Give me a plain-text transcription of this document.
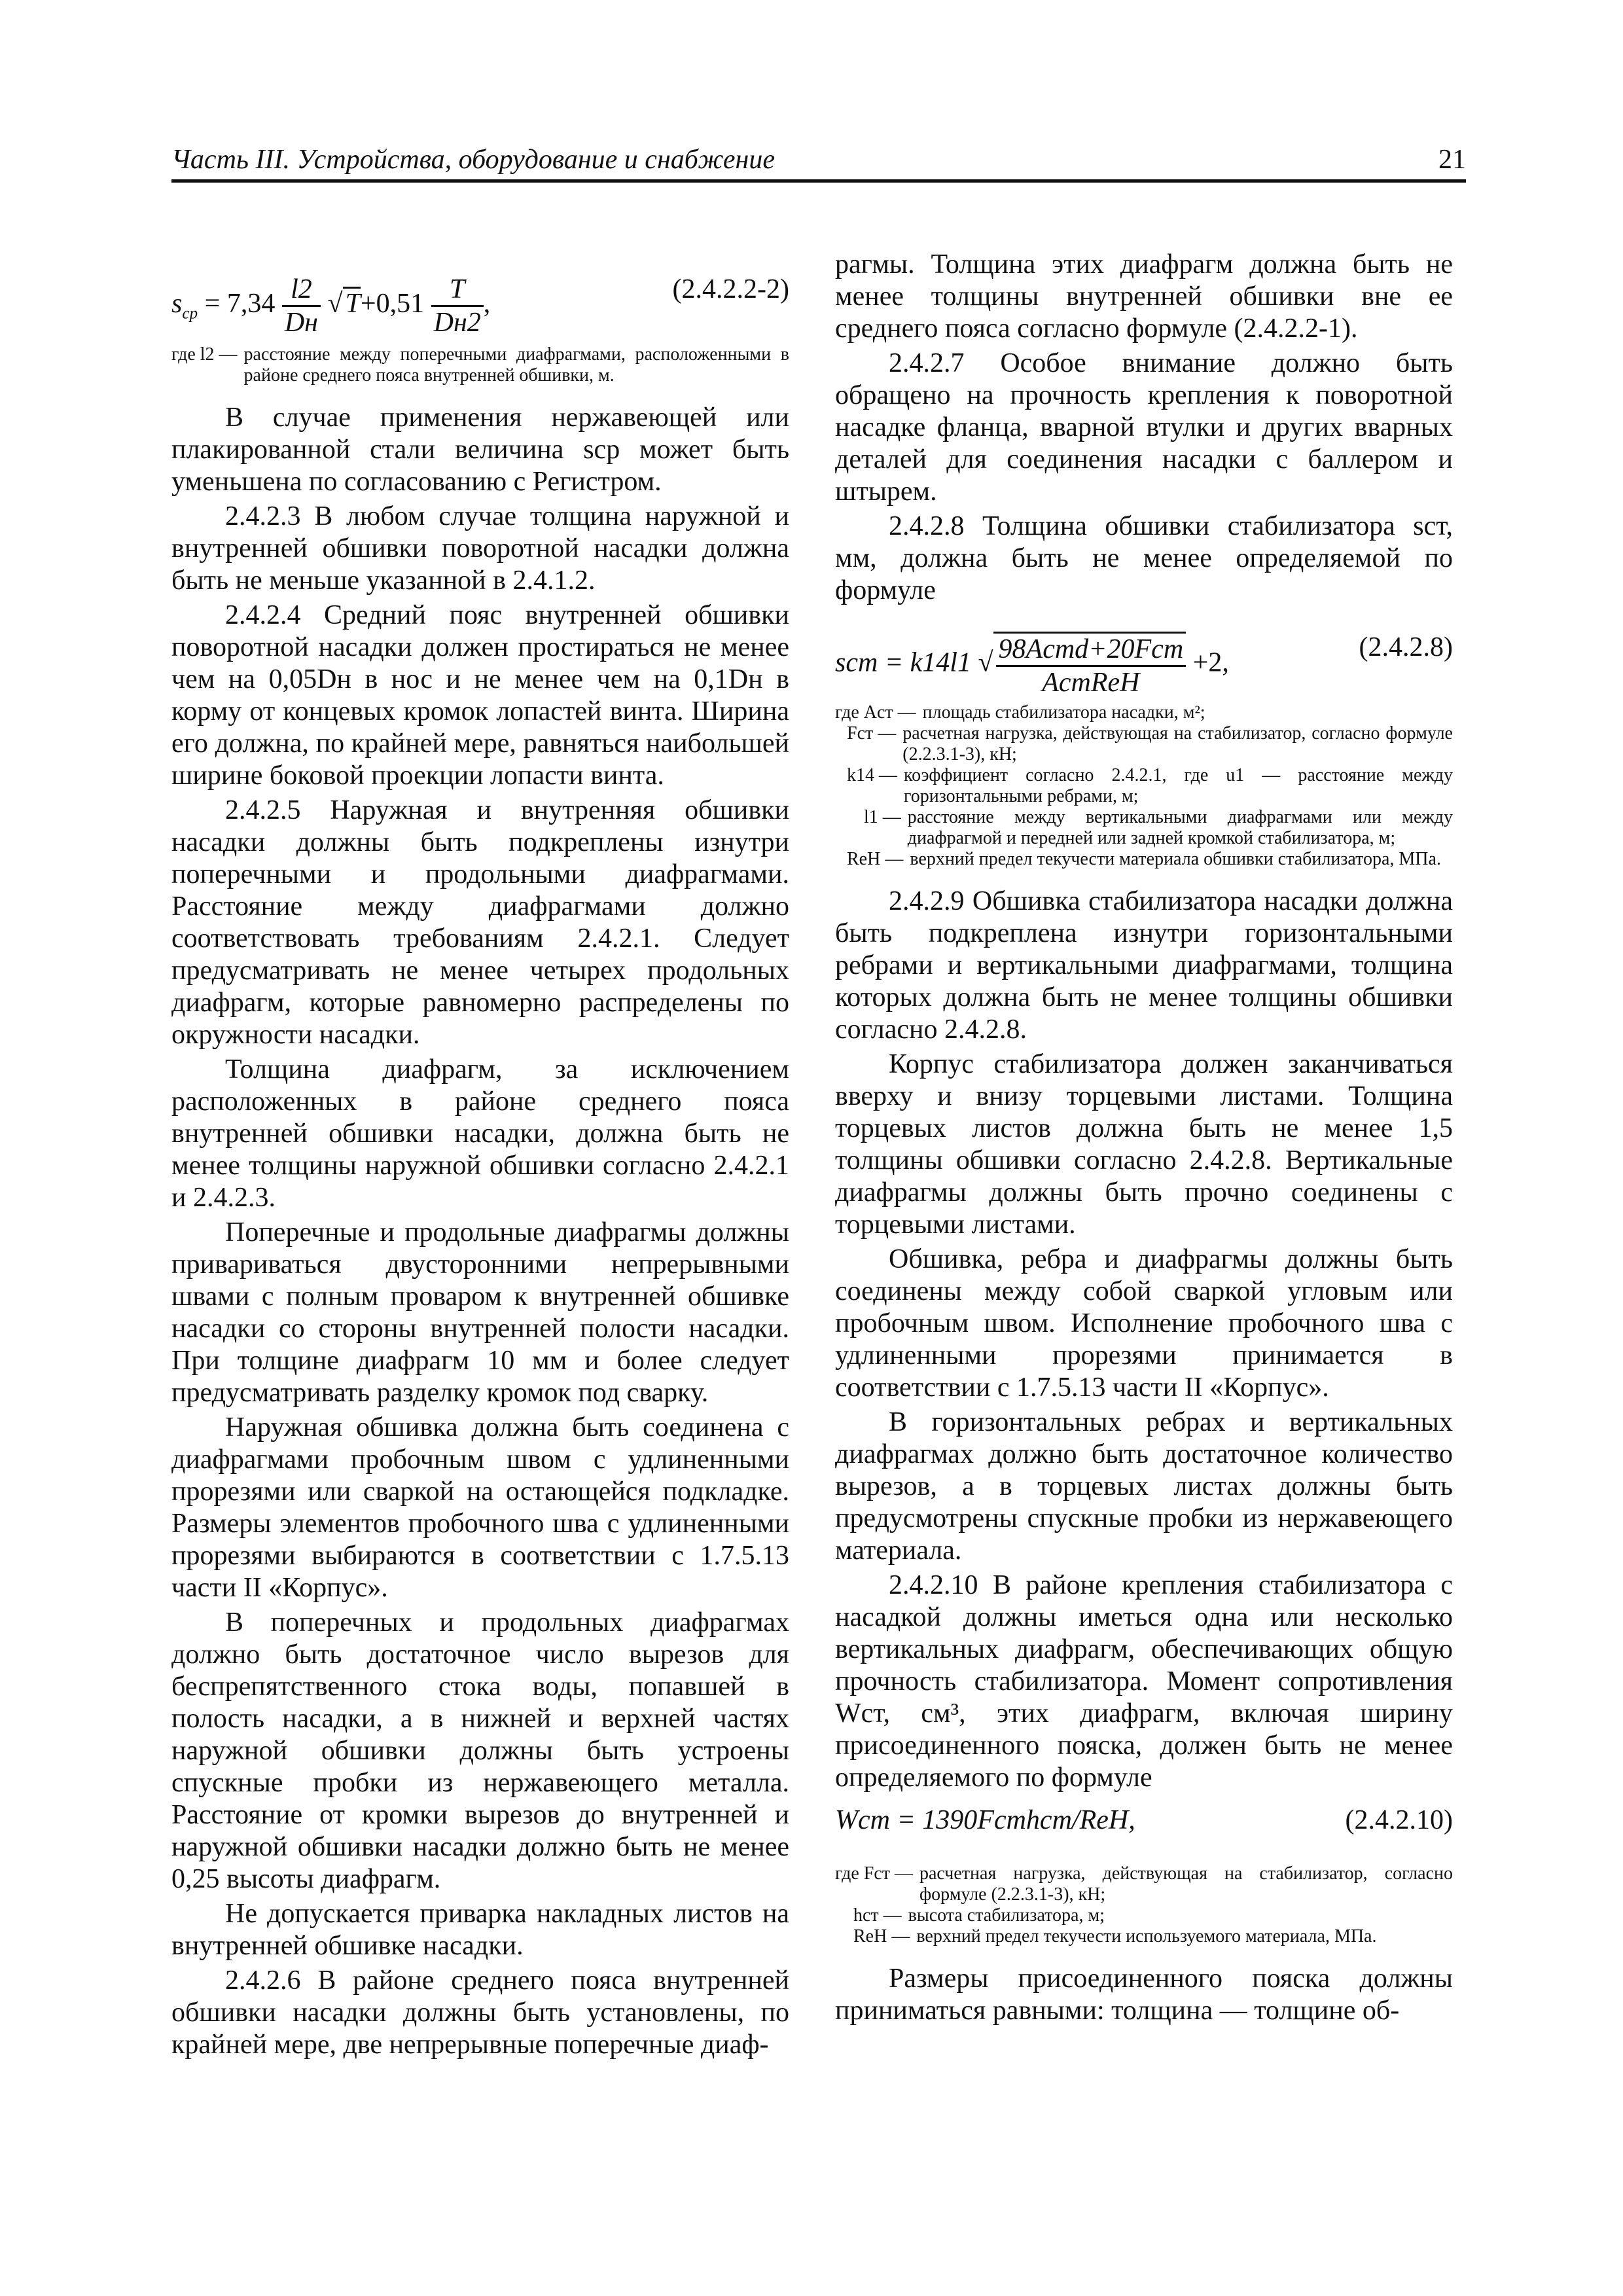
Часть III. Устройства, оборудование и снабжение	21
$s_{ср} = 7,34 \frac{l2}{Dн} √T+0,51 \frac{T}{Dн2}$ ,	(2.4.2.2-2)
где l2 — расстояние между поперечными диафрагмами, расположенными в районе среднего пояса внутренней обшивки, м.

В случае применения нержавеющей или плакированной стали величина sср может быть уменьшена по согласованию с Регистром.

2.4.2.3 В любом случае толщина наружной и внутренней обшивки поворотной насадки должна быть не меньше указанной в 2.4.1.2.

2.4.2.4 Средний пояс внутренней обшивки поворотной насадки должен простираться не менее чем на 0,05Dн в нос и не менее чем на 0,1Dн в корму от концевых кромок лопастей винта. Ширина его должна, по крайней мере, равняться наибольшей ширине боковой проекции лопасти винта.

2.4.2.5 Наружная и внутренняя обшивки насадки должны быть подкреплены изнутри поперечными и продольными диафрагмами. Расстояние между диафрагмами должно соответствовать требованиям 2.4.2.1. Следует предусматривать не менее четырех продольных диафрагм, которые равномерно распределены по окружности насадки.

Толщина диафрагм, за исключением расположенных в районе среднего пояса внутренней обшивки насадки, должна быть не менее толщины наружной обшивки согласно 2.4.2.1 и 2.4.2.3.

Поперечные и продольные диафрагмы должны привариваться двусторонними непрерывными швами с полным проваром к внутренней обшивке насадки со стороны внутренней полости насадки. При толщине диафрагм 10 мм и более следует предусматривать разделку кромок под сварку.

Наружная обшивка должна быть соединена с диафрагмами пробочным швом с удлиненными прорезями или сваркой на остающейся подкладке. Размеры элементов пробочного шва с удлиненными прорезями выбираются в соответствии с 1.7.5.13 части II «Корпус».

В поперечных и продольных диафрагмах должно быть достаточное число вырезов для беспрепятственного стока воды, попавшей в полость насадки, а в нижней и верхней частях наружной обшивки должны быть устроены спускные пробки из нержавеющего металла. Расстояние от кромки вырезов до внутренней и наружной обшивки насадки должно быть не менее 0,25 высоты диафрагм.

Не допускается приварка накладных листов на внутренней обшивке насадки.

2.4.2.6 В районе среднего пояса внутренней обшивки насадки должны быть установлены, по крайней мере, две непрерывные поперечные диаф-

рагмы. Толщина этих диафрагм должна быть не менее толщины внутренней обшивки вне ее среднего пояса согласно формуле (2.4.2.2-1).

2.4.2.7 Особое внимание должно быть обращено на прочность крепления к поворотной насадке фланца, вварной втулки и других вварных деталей для соединения насадки с баллером и штырем.

2.4.2.8 Толщина обшивки стабилизатора sст, мм, должна быть не менее определяемой по формуле

sст = k14l1 √ $\frac{\text{98Aстd+20Fст}}{\text{AстReH}} +2$,
(2.4.2.8)
где Aст — площадь стабилизатора насадки, м²;
Fст — расчетная нагрузка, действующая на стабилизатор, согласно формуле (2.2.3.1-3), кН;
k14 — коэффициент согласно 2.4.2.1, где u1 — расстояние между горизонтальными ребрами, м;
l1 — расстояние между вертикальными диафрагмами или между диафрагмой и передней или задней кромкой стабилизатора, м;
ReH — верхний предел текучести материала обшивки стабилизатора, МПа.

2.4.2.9 Обшивка стабилизатора насадки должна быть подкреплена изнутри горизонтальными ребрами и вертикальными диафрагмами, толщина которых должна быть не менее толщины обшивки согласно 2.4.2.8.

Корпус стабилизатора должен заканчиваться вверху и внизу торцевыми листами. Толщина торцевых листов должна быть не менее 1,5 толщины обшивки согласно 2.4.2.8. Вертикальные диафрагмы должны быть прочно соединены с торцевыми листами.

Обшивка, ребра и диафрагмы должны быть соединены между собой сваркой угловым или пробочным швом. Исполнение пробочного шва с удлиненными прорезями принимается в соответствии с 1.7.5.13 части II «Корпус».

В горизонтальных ребрах и вертикальных диафрагмах должно быть достаточное количество вырезов, а в торцевых листах должны быть предусмотрены спускные пробки из нержавеющего материала.

2.4.2.10 В районе крепления стабилизатора с насадкой должны иметься одна или несколько вертикальных диафрагм, обеспечивающих общую прочность стабилизатора. Момент сопротивления Wст, см³, этих диафрагм, включая ширину присоединенного пояска, должен быть не менее определяемого по формуле

Wст = 1390Fстhст/ReH,	(2.4.2.10)
где Fст — расчетная нагрузка, действующая на стабилизатор, согласно формуле (2.2.3.1-3), кН;
hст — высота стабилизатора, м;
ReH — верхний предел текучести используемого материала, МПа.

Размеры присоединенного пояска должны приниматься равными: толщина — толщине об-
